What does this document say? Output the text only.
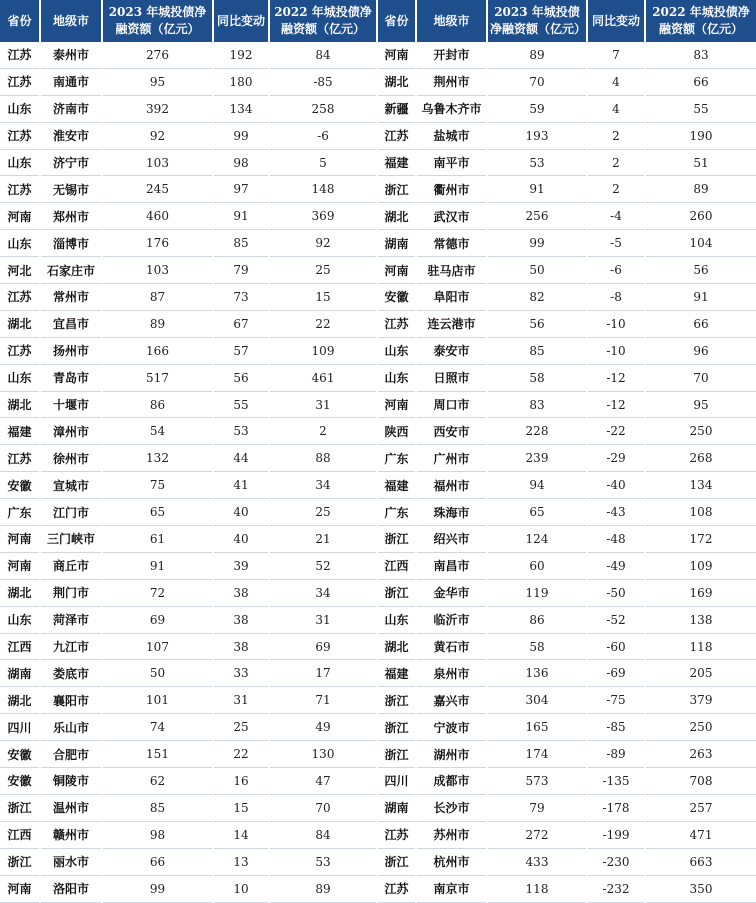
省份	地级市	2023 年城投债净融资额（亿元）	同比变动	2022 年城投债净融资额（亿元）	省份	地级市	2023 年城投债净融资额（亿元）	同比变动	2022 年城投债净融资额（亿元）
江苏	泰州市	276	192	84	河南	开封市	89	7	83
江苏	南通市	95	180	-85	湖北	荆州市	70	4	66
山东	济南市	392	134	258	新疆	乌鲁木齐市	59	4	55
江苏	淮安市	92	99	-6	江苏	盐城市	193	2	190
山东	济宁市	103	98	5	福建	南平市	53	2	51
江苏	无锡市	245	97	148	浙江	衢州市	91	2	89
河南	郑州市	460	91	369	湖北	武汉市	256	-4	260
山东	淄博市	176	85	92	湖南	常德市	99	-5	104
河北	石家庄市	103	79	25	河南	驻马店市	50	-6	56
江苏	常州市	87	73	15	安徽	阜阳市	82	-8	91
湖北	宜昌市	89	67	22	江苏	连云港市	56	-10	66
江苏	扬州市	166	57	109	山东	泰安市	85	-10	96
山东	青岛市	517	56	461	山东	日照市	58	-12	70
湖北	十堰市	86	55	31	河南	周口市	83	-12	95
福建	漳州市	54	53	2	陕西	西安市	228	-22	250
江苏	徐州市	132	44	88	广东	广州市	239	-29	268
安徽	宣城市	75	41	34	福建	福州市	94	-40	134
广东	江门市	65	40	25	广东	珠海市	65	-43	108
河南	三门峡市	61	40	21	浙江	绍兴市	124	-48	172
河南	商丘市	91	39	52	江西	南昌市	60	-49	109
湖北	荆门市	72	38	34	浙江	金华市	119	-50	169
山东	菏泽市	69	38	31	山东	临沂市	86	-52	138
江西	九江市	107	38	69	湖北	黄石市	58	-60	118
湖南	娄底市	50	33	17	福建	泉州市	136	-69	205
湖北	襄阳市	101	31	71	浙江	嘉兴市	304	-75	379
四川	乐山市	74	25	49	浙江	宁波市	165	-85	250
安徽	合肥市	151	22	130	浙江	湖州市	174	-89	263
安徽	铜陵市	62	16	47	四川	成都市	573	-135	708
浙江	温州市	85	15	70	湖南	长沙市	79	-178	257
江西	赣州市	98	14	84	江苏	苏州市	272	-199	471
浙江	丽水市	66	13	53	浙江	杭州市	433	-230	663
河南	洛阳市	99	10	89	江苏	南京市	118	-232	350
